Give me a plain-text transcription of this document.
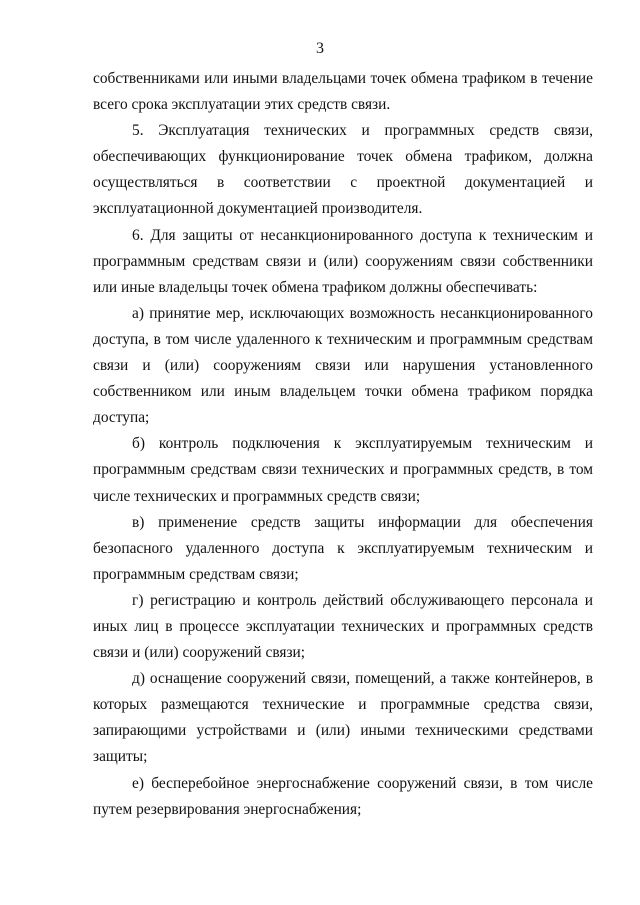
3

собственниками или иными владельцами точек обмена трафиком в течение всего срока эксплуатации этих средств связи.

5. Эксплуатация технических и программных средств связи, обеспечивающих функционирование точек обмена трафиком, должна осуществляться в соответствии с проектной документацией и эксплуатационной документацией производителя.

6. Для защиты от несанкционированного доступа к техническим и программным средствам связи и (или) сооружениям связи собственники или иные владельцы точек обмена трафиком должны обеспечивать:

а) принятие мер, исключающих возможность несанкционированного доступа, в том числе удаленного к техническим и программным средствам связи и (или) сооружениям связи или нарушения установленного собственником или иным владельцем точки обмена трафиком порядка доступа;

б) контроль подключения к эксплуатируемым техническим и программным средствам связи технических и программных средств, в том числе технических и программных средств связи;

в) применение средств защиты информации для обеспечения безопасного удаленного доступа к эксплуатируемым техническим и программным средствам связи;

г) регистрацию и контроль действий обслуживающего персонала и иных лиц в процессе эксплуатации технических и программных средств связи и (или) сооружений связи;

д) оснащение сооружений связи, помещений, а также контейнеров, в которых размещаются технические и программные средства связи, запирающими устройствами и (или) иными техническими средствами защиты;

е) бесперебойное энергоснабжение сооружений связи, в том числе путем резервирования энергоснабжения;
